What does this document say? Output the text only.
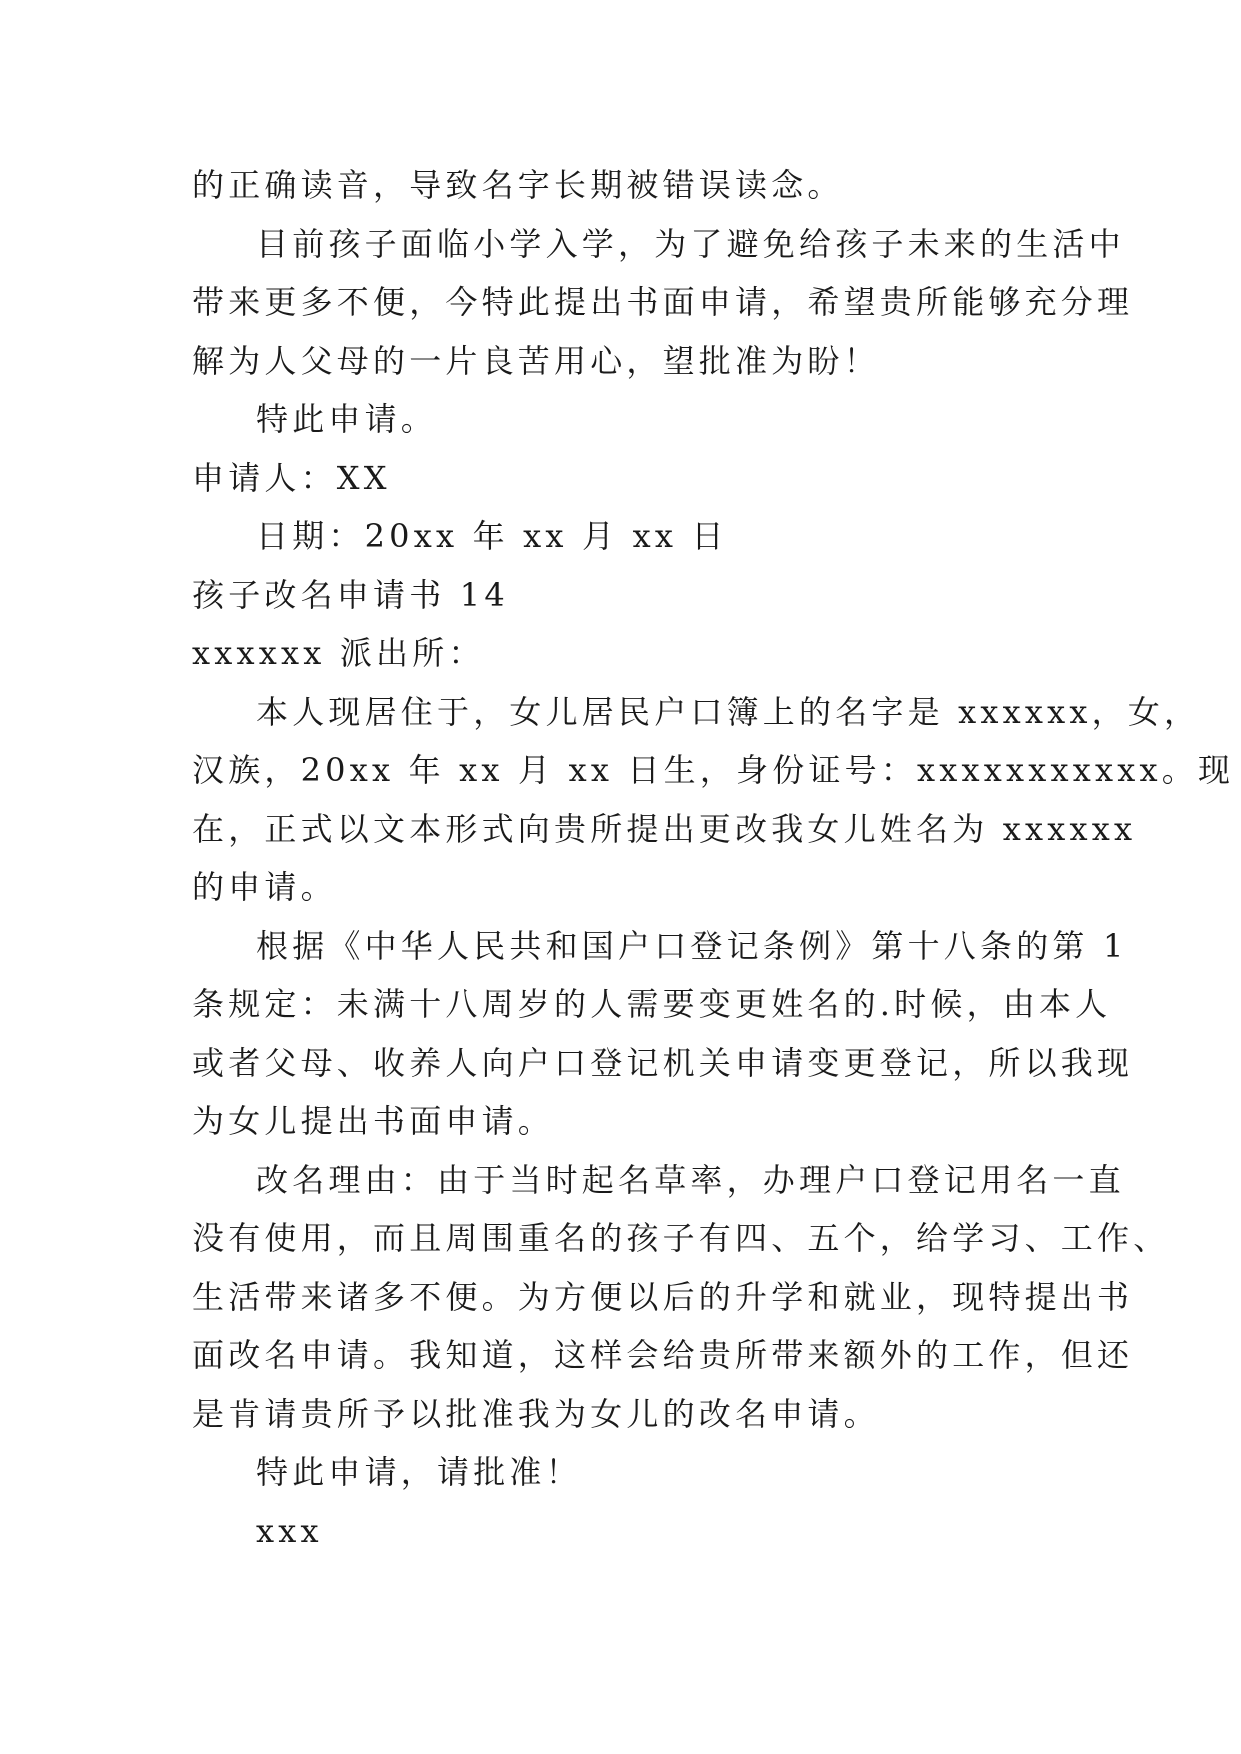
的正确读音，导致名字长期被错误读念。
目前孩子面临小学入学，为了避免给孩子未来的生活中
带来更多不便，今特此提出书面申请，希望贵所能够充分理
解为人父母的一片良苦用心，望批准为盼！
特此申请。
申请人：XX
日期：20xx 年 xx 月 xx 日
孩子改名申请书 14
xxxxxx 派出所：
本人现居住于，女儿居民户口簿上的名字是 xxxxxx，女，
汉族，20xx 年 xx 月 xx 日生，身份证号：xxxxxxxxxxx。现
在，正式以文本形式向贵所提出更改我女儿姓名为 xxxxxx
的申请。
根据《中华人民共和国户口登记条例》第十八条的第 1
条规定：未满十八周岁的人需要变更姓名的.时候，由本人
或者父母、收养人向户口登记机关申请变更登记，所以我现
为女儿提出书面申请。
改名理由：由于当时起名草率，办理户口登记用名一直
没有使用，而且周围重名的孩子有四、五个，给学习、工作、
生活带来诸多不便。为方便以后的升学和就业，现特提出书
面改名申请。我知道，这样会给贵所带来额外的工作，但还
是肯请贵所予以批准我为女儿的改名申请。
特此申请，请批准！
xxx
